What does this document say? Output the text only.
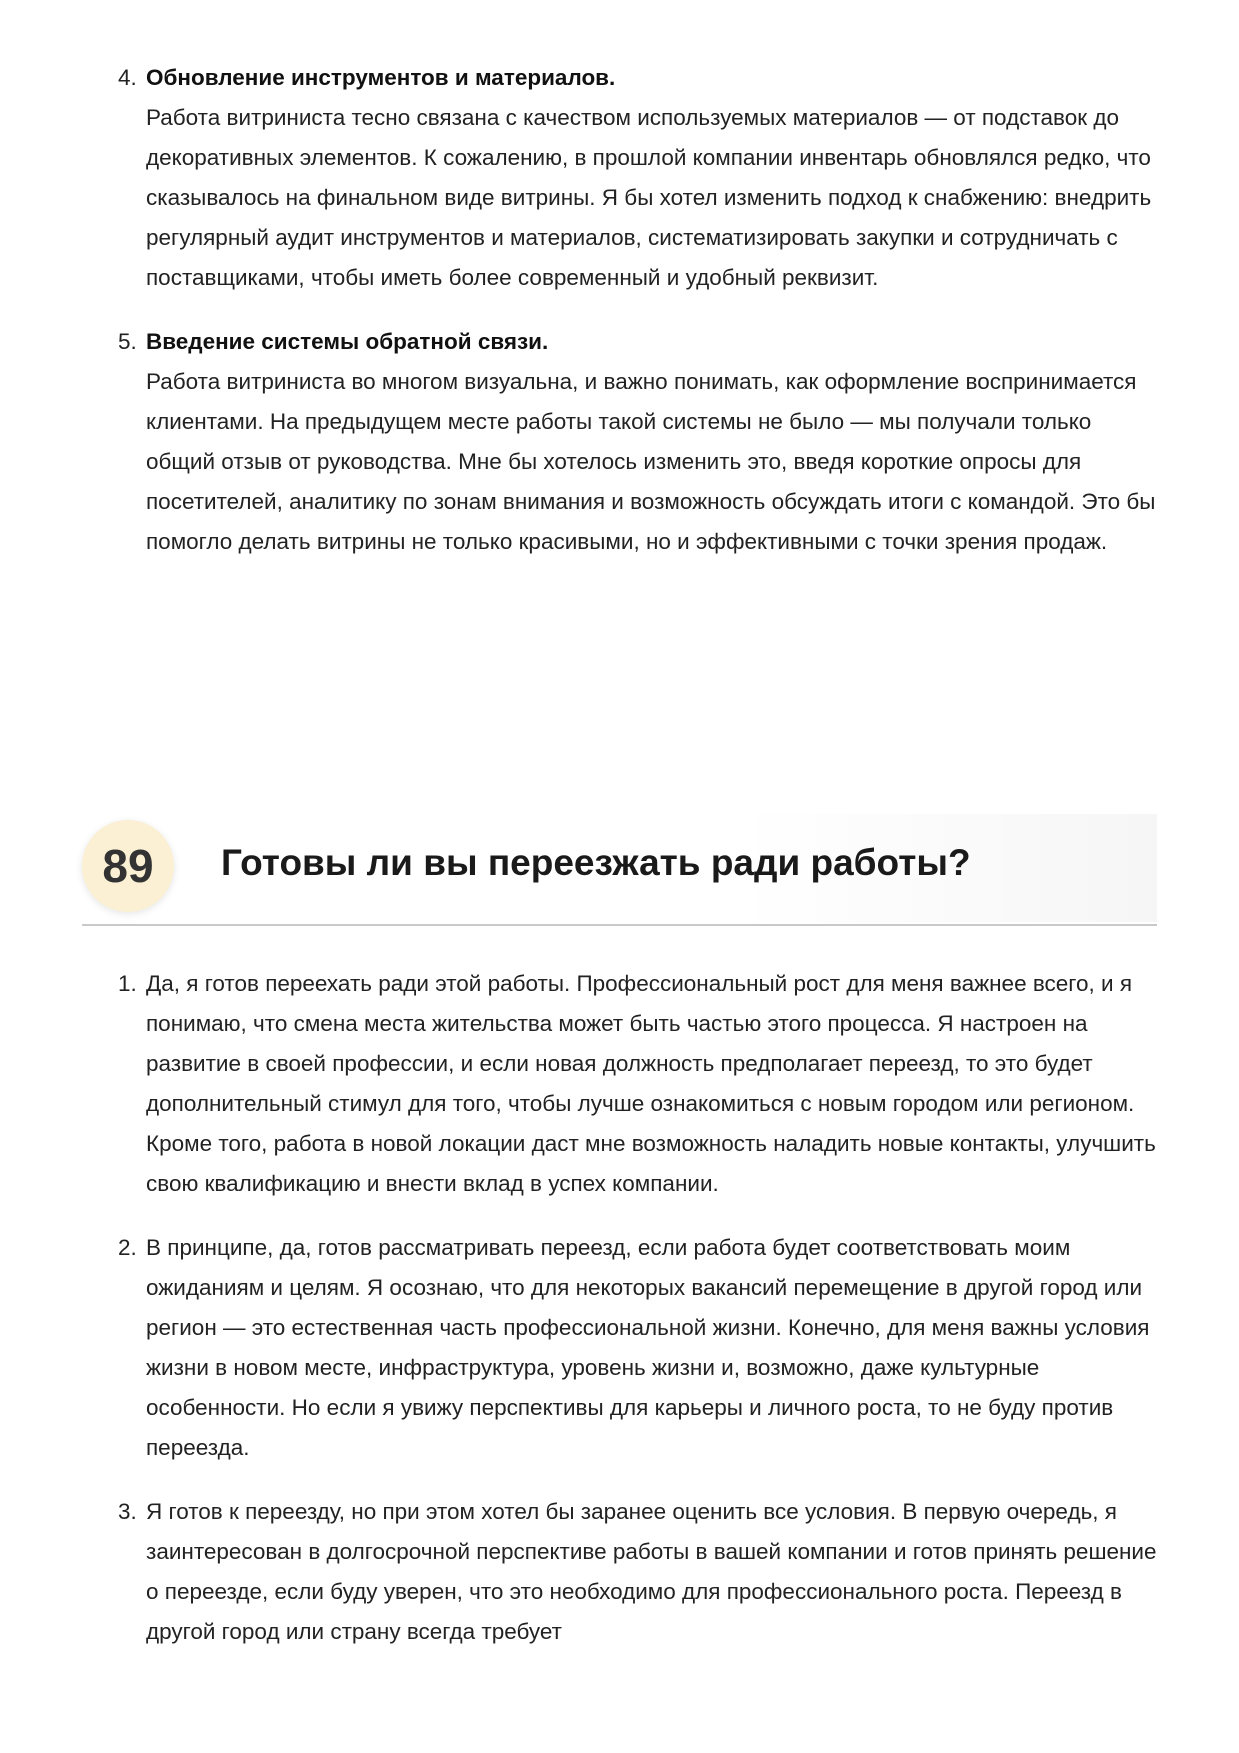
4. Обновление инструментов и материалов.
Работа витриниста тесно связана с качеством используемых материалов — от подставок до декоративных элементов. К сожалению, в прошлой компании инвентарь обновлялся редко, что сказывалось на финальном виде витрины. Я бы хотел изменить подход к снабжению: внедрить регулярный аудит инструментов и материалов, систематизировать закупки и сотрудничать с поставщиками, чтобы иметь более современный и удобный реквизит.
5. Введение системы обратной связи.
Работа витриниста во многом визуальна, и важно понимать, как оформление воспринимается клиентами. На предыдущем месте работы такой системы не было — мы получали только общий отзыв от руководства. Мне бы хотелось изменить это, введя короткие опросы для посетителей, аналитику по зонам внимания и возможность обсуждать итоги с командой. Это бы помогло делать витрины не только красивыми, но и эффективными с точки зрения продаж.
89	Готовы ли вы переезжать ради работы?
1. Да, я готов переехать ради этой работы. Профессиональный рост для меня важнее всего, и я понимаю, что смена места жительства может быть частью этого процесса. Я настроен на развитие в своей профессии, и если новая должность предполагает переезд, то это будет дополнительный стимул для того, чтобы лучше ознакомиться с новым городом или регионом. Кроме того, работа в новой локации даст мне возможность наладить новые контакты, улучшить свою квалификацию и внести вклад в успех компании.
2. В принципе, да, готов рассматривать переезд, если работа будет соответствовать моим ожиданиям и целям. Я осознаю, что для некоторых вакансий перемещение в другой город или регион — это естественная часть профессиональной жизни. Конечно, для меня важны условия жизни в новом месте, инфраструктура, уровень жизни и, возможно, даже культурные особенности. Но если я увижу перспективы для карьеры и личного роста, то не буду против переезда.
3. Я готов к переезду, но при этом хотел бы заранее оценить все условия. В первую очередь, я заинтересован в долгосрочной перспективе работы в вашей компании и готов принять решение о переезде, если буду уверен, что это необходимо для профессионального роста. Переезд в другой город или страну всегда требует
